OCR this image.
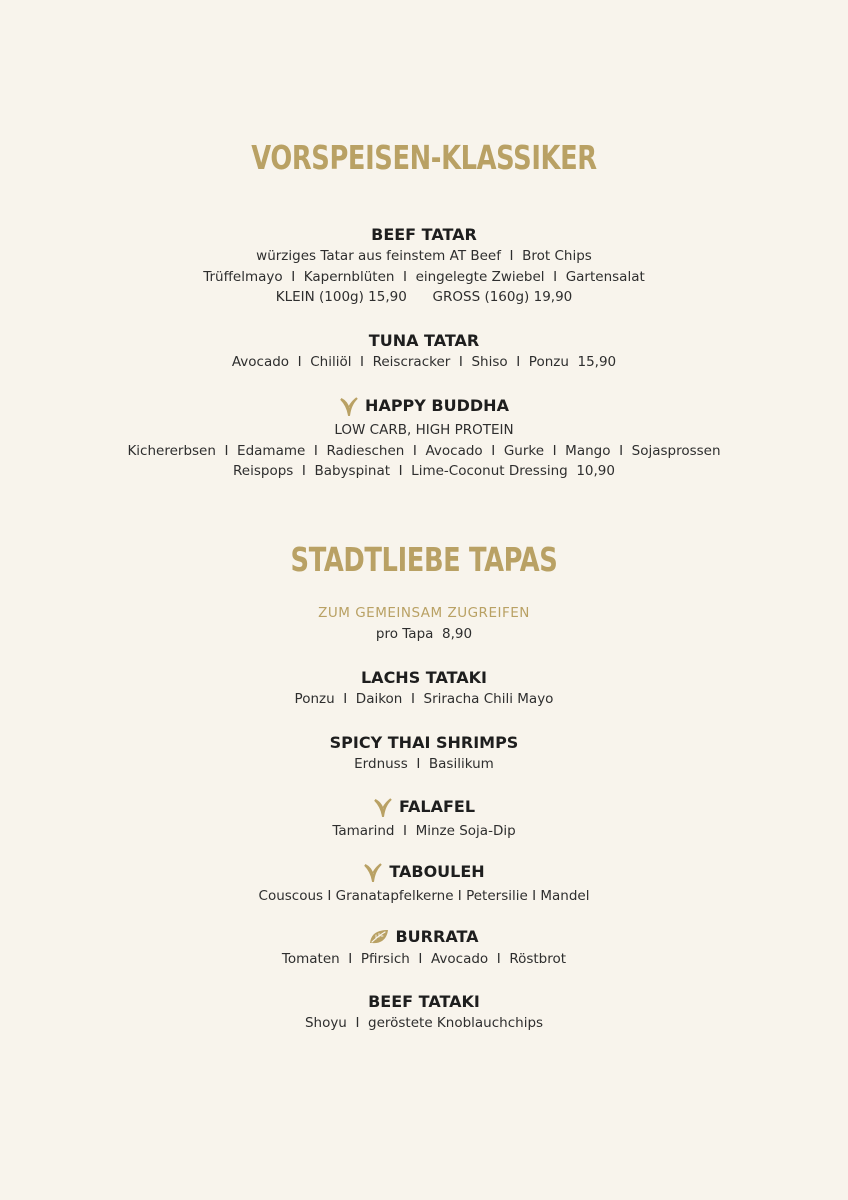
VORSPEISEN-KLASSIKER
BEEF TATAR
würziges Tatar aus feinstem AT Beef  I  Brot Chips
Trüffelmayo  I  Kapernblüten  I  eingelegte Zwiebel  I  Gartensalat
KLEIN (100g) 15,90      GROSS (160g) 19,90
TUNA TATAR
Avocado  I  Chiliöl  I  Reiscracker  I  Shiso  I  Ponzu  15,90
HAPPY BUDDHA
LOW CARB, HIGH PROTEIN
Kichererbsen  I  Edamame  I  Radieschen  I  Avocado  I  Gurke  I  Mango  I  Sojasprossen
Reispops  I  Babyspinat  I  Lime-Coconut Dressing  10,90
STADTLIEBE TAPAS
ZUM GEMEINSAM ZUGREIFEN
pro Tapa  8,90
LACHS TATAKI
Ponzu  I  Daikon  I  Sriracha Chili Mayo
SPICY THAI SHRIMPS
Erdnuss  I  Basilikum
FALAFEL
Tamarind  I  Minze Soja-Dip
TABOULEH
Couscous I Granatapfelkerne I Petersilie I Mandel
BURRATA
Tomaten  I  Pfirsich  I  Avocado  I  Röstbrot
BEEF TATAKI
Shoyu  I  geröstete Knoblauchchips
